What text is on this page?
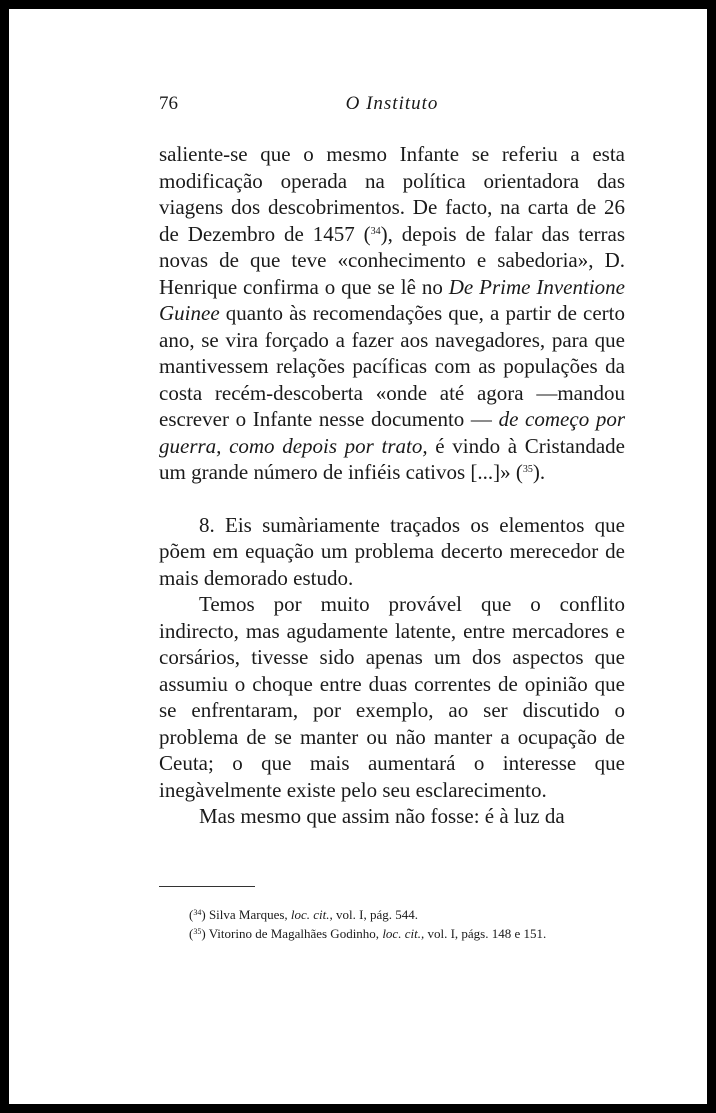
76	O Instituto

saliente-se que o mesmo Infante se referiu a esta modificação operada na política orientadora das viagens dos descobrimentos. De facto, na carta de 26 de Dezembro de 1457 ($^{34}$), depois de falar das terras novas de que teve «conhecimento e sabedoria», D. Henrique confirma o que se lê no De Prime Inventione Guinee quanto às recomendações que, a partir de certo ano, se vira forçado a fazer aos navegadores, para que mantivessem relações pacíficas com as populações da costa recém-descoberta «onde até agora —mandou escrever o Infante nesse documento — de começo por guerra, como depois por trato, é vindo à Cristandade um grande número de infiéis cativos [...]» ($^{35}$).

8. Eis sumàriamente traçados os elementos que põem em equação um problema decerto merecedor de mais demorado estudo.

Temos por muito provável que o conflito indirecto, mas agudamente latente, entre mercadores e corsários, tivesse sido apenas um dos aspectos que assumiu o choque entre duas correntes de opinião que se enfrentaram, por exemplo, ao ser discutido o problema de se manter ou não manter a ocupação de Ceuta; o que mais aumentará o interesse que inegàvelmente existe pelo seu esclarecimento.

Mas mesmo que assim não fosse: é à luz da

($^{34}$) Silva Marques, loc. cit., vol. I, pág. 544.

($^{35}$) Vitorino de Magalhães Godinho, loc. cit., vol. I, págs. 148 e 151.
